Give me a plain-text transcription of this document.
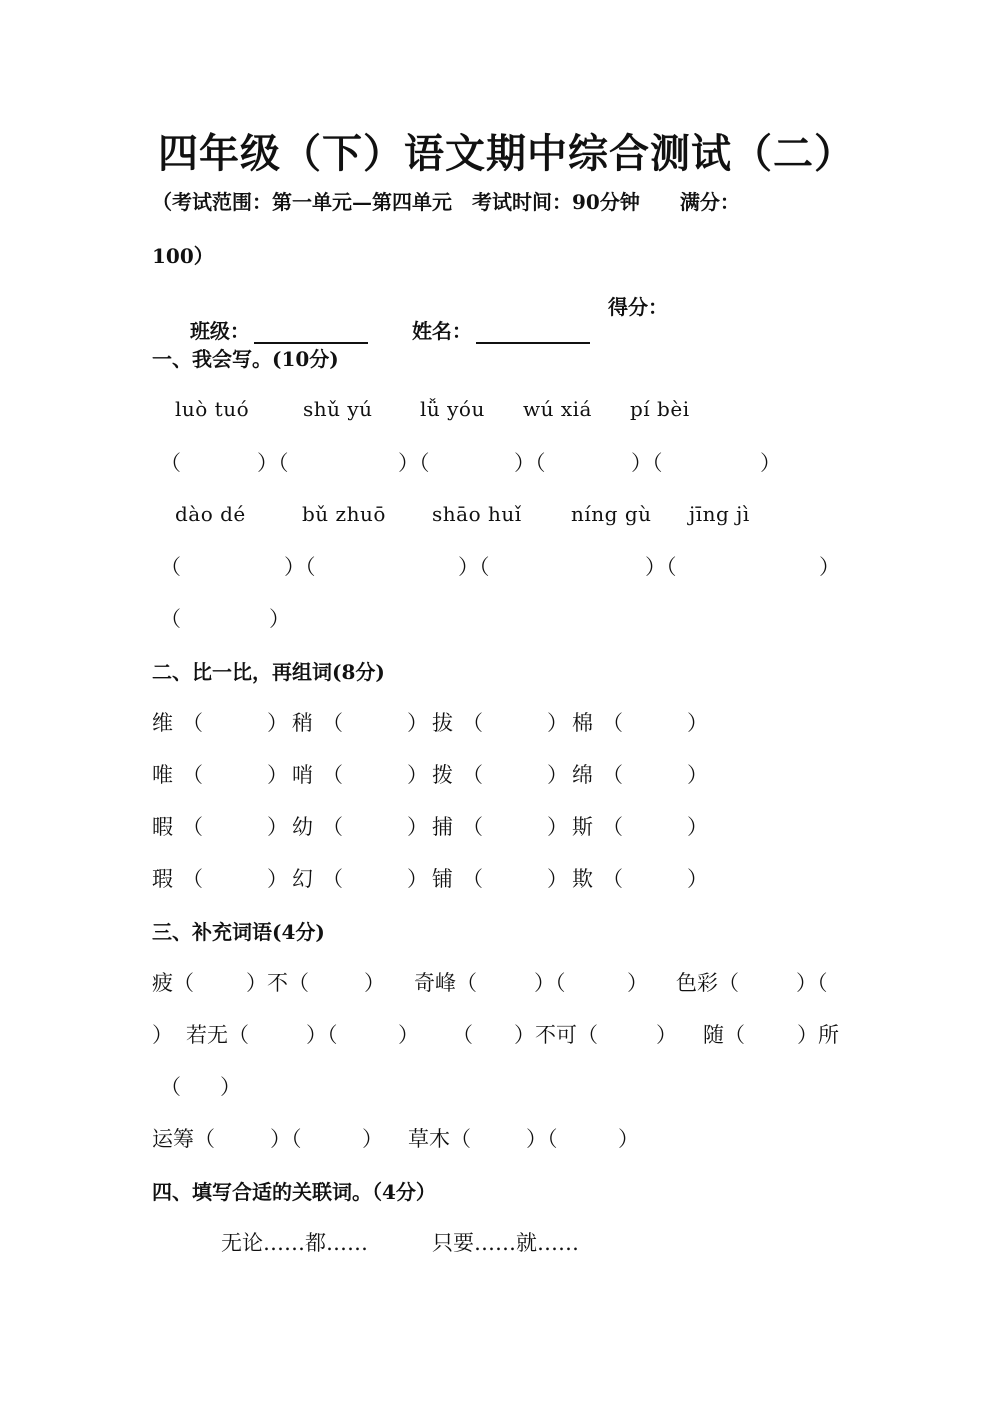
四年级（下）语文期中综合测试（二）
（考试范围：第一单元—第四单元　考试时间：90分钟　　满分：
100）

班级：	姓名：

得分：
一、我会写。(10分)
luò tuó	shǔ yú lǚ yóu wú xiá pí bèi
（	）（	）（	）（	）（	）
dào dé	bǔ zhuō shāo huǐ níng gù jīng jì
（	）（	）（	）（	）
（	）
二、比一比，再组词(8分)
维 （	） 稍 （	） 拔 （	） 棉 （	）
唯 （	） 哨 （	） 拨 （	） 绵 （	）
暇 （	） 幼 （	） 捕 （	） 斯 （	）
瑕 （	） 幻 （	） 铺 （	） 欺 （	）
三、补充词语(4分)
疲（ ）不（	） 奇峰（	）（	） 色彩（	）（
） 若无（	）（	） （ ）不可（	） 随（ ）所
（ ）
运筹（	）（	） 草木（	）（	）
四、填写合适的关联词。（4分）
无论……都……	只要……就……
